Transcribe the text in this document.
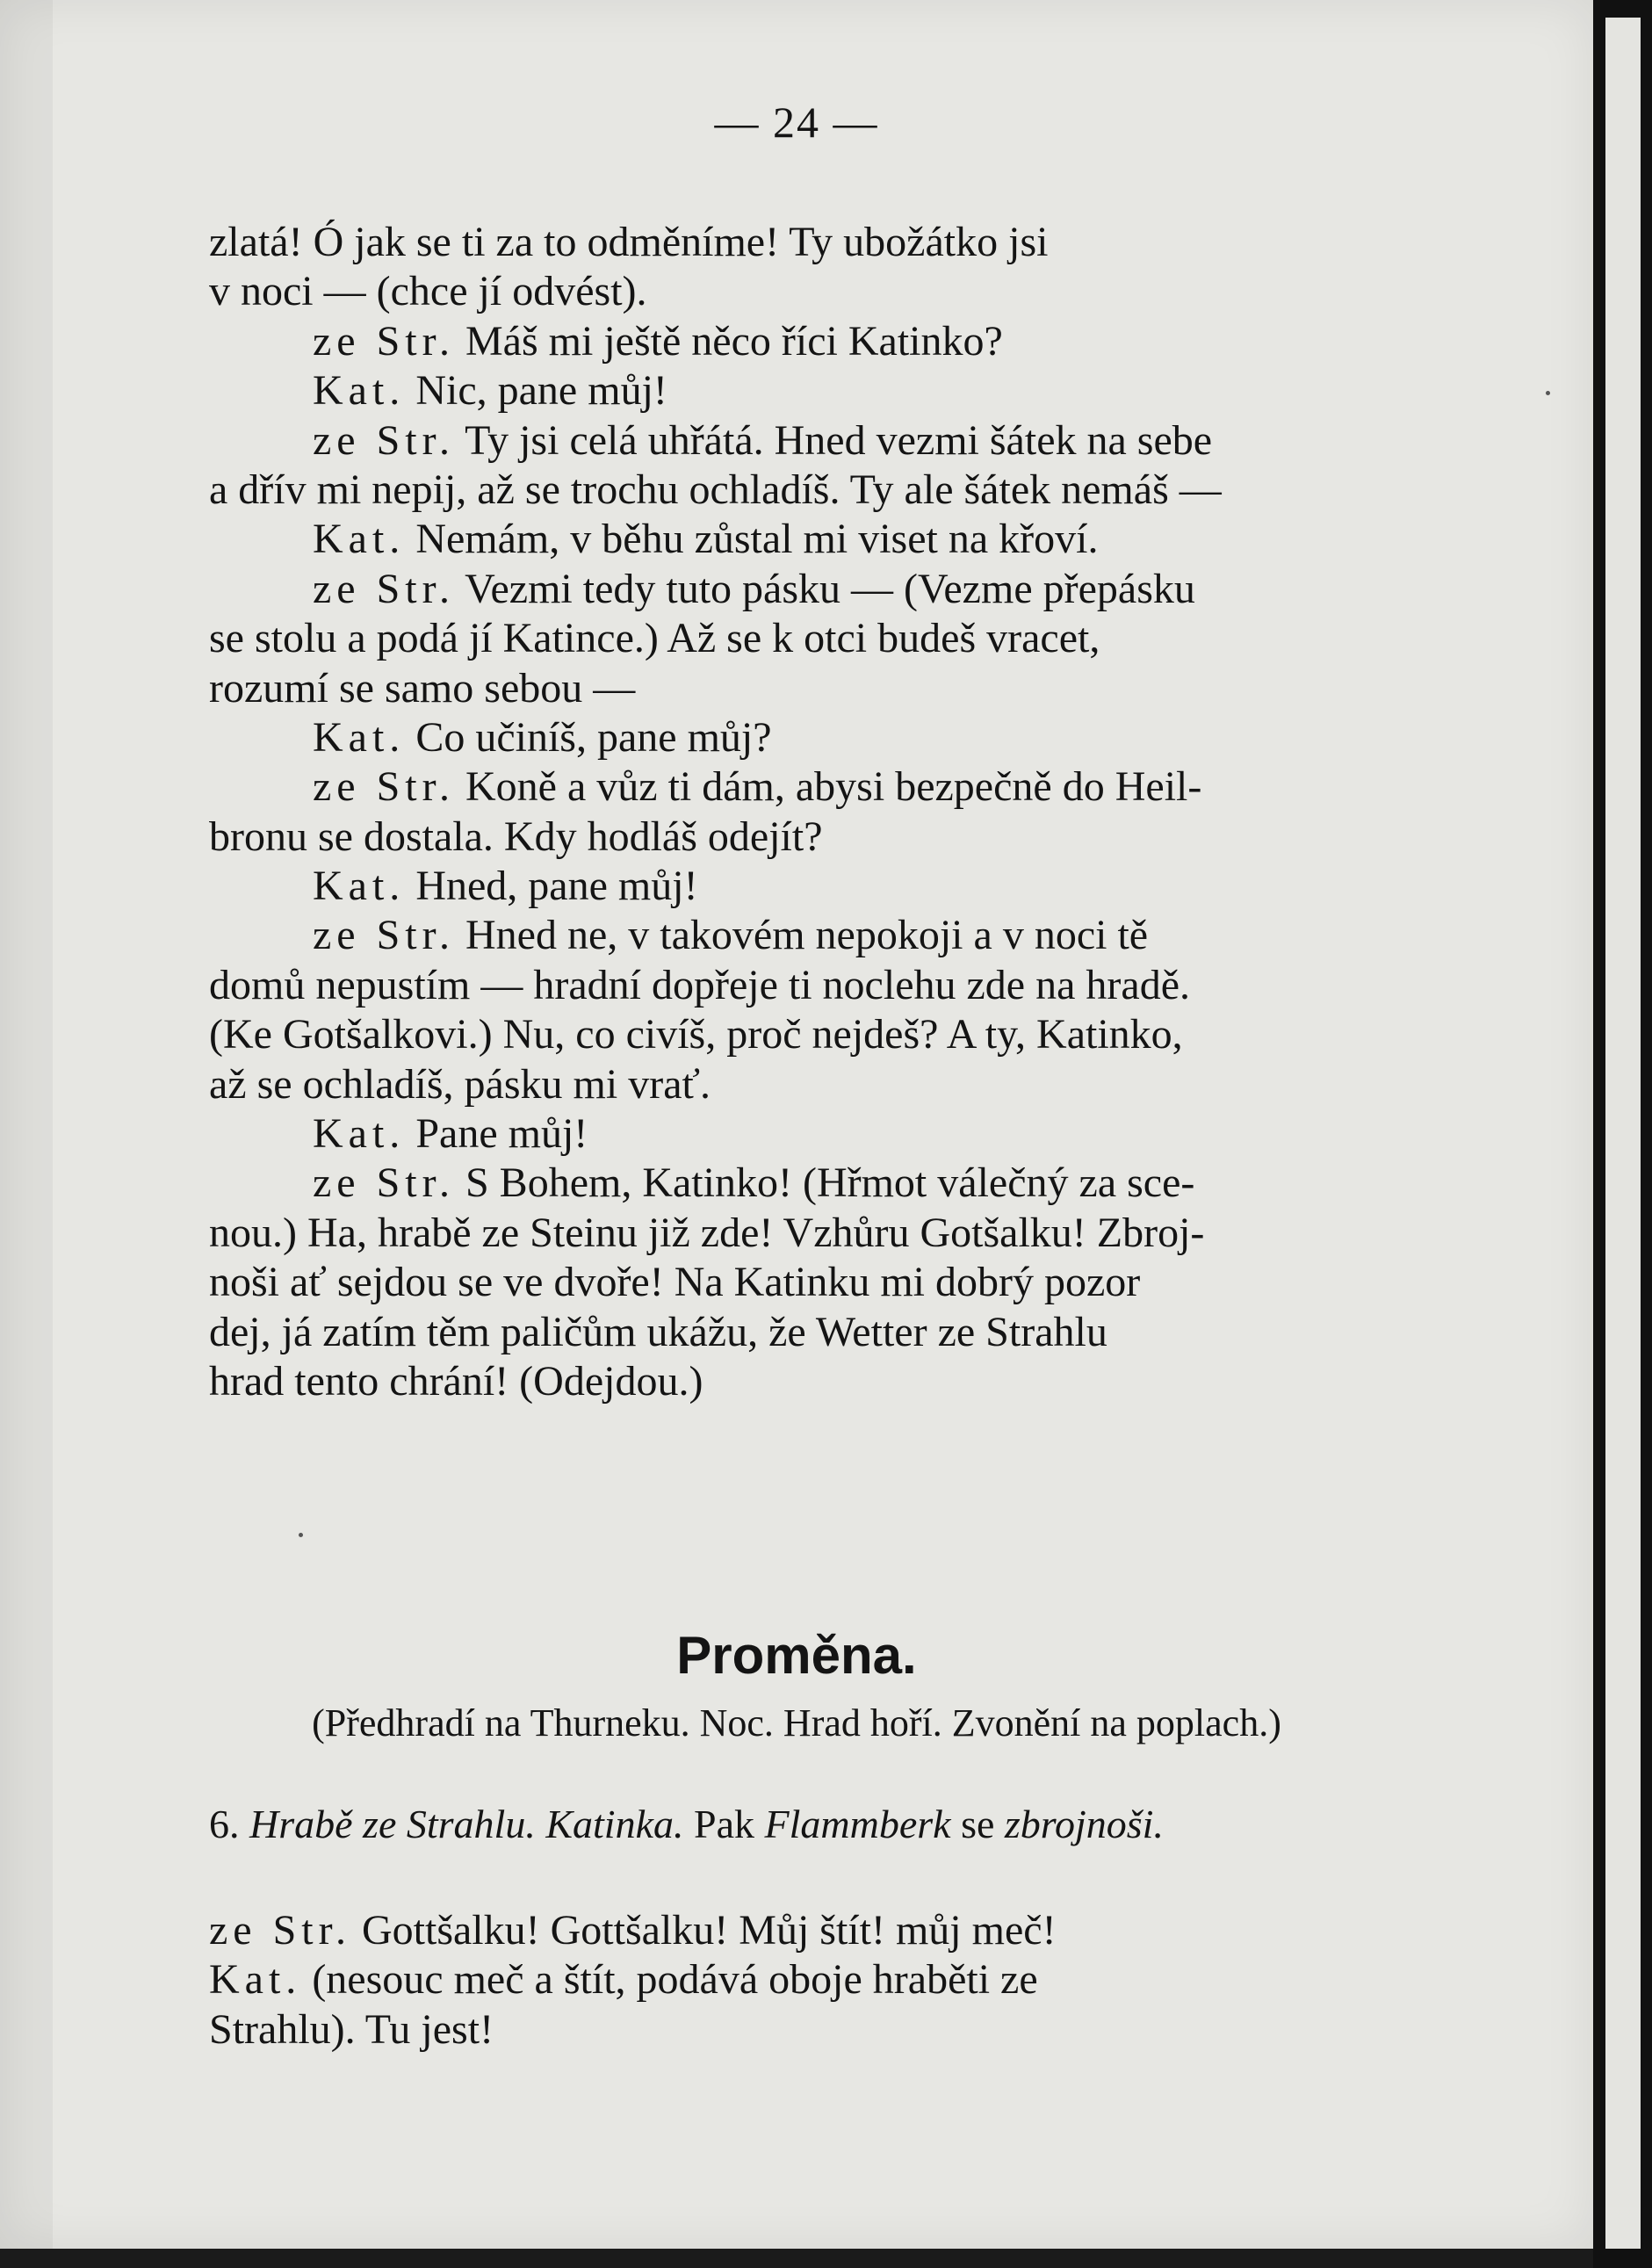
— 24 —
zlatá! Ó jak se ti za to odměníme! Ty ubožátko jsi
v noci — (chce jí odvést).
ze Str. Máš mi ještě něco říci Katinko?
Kat. Nic, pane můj!
ze Str. Ty jsi celá uhřátá. Hned vezmi šátek na sebe
a dřív mi nepij, až se trochu ochladíš. Ty ale šátek nemáš —
Kat. Nemám, v běhu zůstal mi viset na křoví.
ze Str. Vezmi tedy tuto pásku — (Vezme přepásku
se stolu a podá jí Katince.) Až se k otci budeš vracet,
rozumí se samo sebou —
Kat. Co učiníš, pane můj?
ze Str. Koně a vůz ti dám, abysi bezpečně do Heil-
bronu se dostala. Kdy hodláš odejít?
Kat. Hned, pane můj!
ze Str. Hned ne, v takovém nepokoji a v noci tě
domů nepustím — hradní dopřeje ti noclehu zde na hradě.
(Ke Gotšalkovi.) Nu, co civíš, proč nejdeš? A ty, Katinko,
až se ochladíš, pásku mi vrať.
Kat. Pane můj!
ze Str. S Bohem, Katinko! (Hřmot válečný za sce-
nou.) Ha, hrabě ze Steinu již zde! Vzhůru Gotšalku! Zbroj-
noši ať sejdou se ve dvoře! Na Katinku mi dobrý pozor
dej, já zatím těm paličům ukážu, že Wetter ze Strahlu
hrad tento chrání! (Odejdou.)
Proměna.
(Předhradí na Thurneku. Noc. Hrad hoří. Zvonění na poplach.)
6. Hrabě ze Strahlu. Katinka. Pak Flammberk se zbrojnoši.
ze Str. Gottšalku! Gottšalku! Můj štít! můj meč!
Kat. (nesouc meč a štít, podává oboje hraběti ze
Strahlu). Tu jest!
